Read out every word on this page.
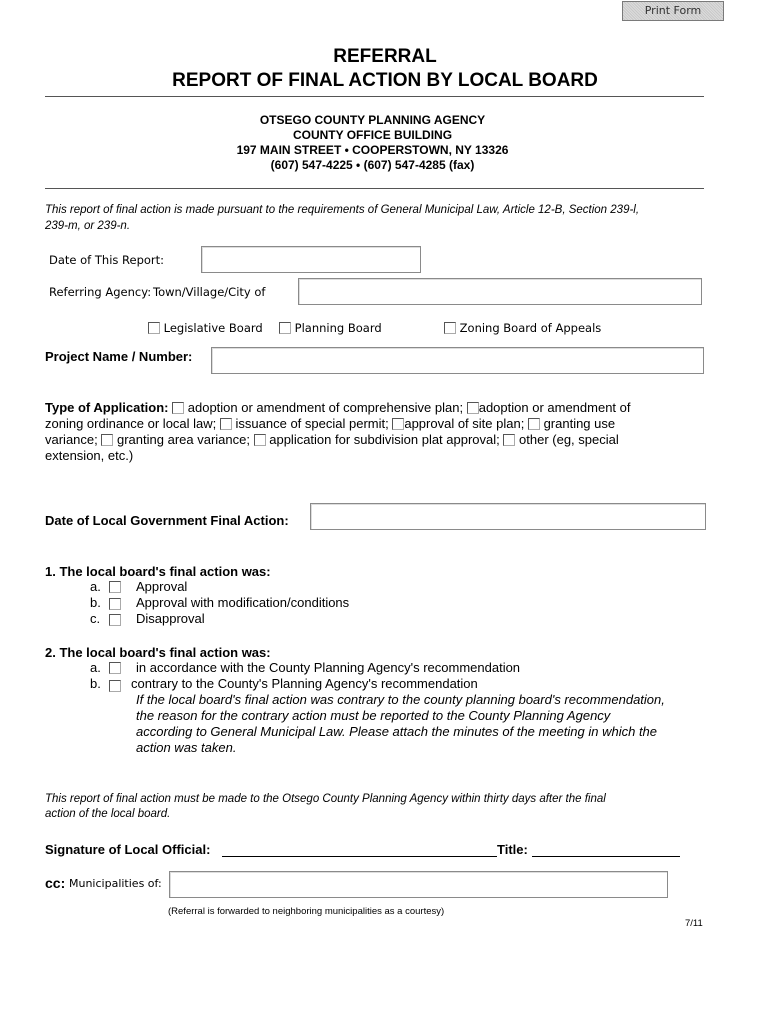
Print Form
REFERRAL
REPORT OF FINAL ACTION BY LOCAL BOARD
OTSEGO COUNTY PLANNING AGENCY
COUNTY OFFICE BUILDING
197 MAIN STREET • COOPERSTOWN, NY 13326
(607) 547-4225 • (607) 547-4285 (fax)
This report of final action is made pursuant to the requirements of General Municipal Law, Article 12-B, Section 239-l,
239-m, or 239-n.
Date of This Report:
Referring Agency: Town/Village/City of
Legislative Board	Planning Board	Zoning Board of Appeals
Project Name / Number:
Type of Application: adoption or amendment of comprehensive plan; adoption or amendment of
zoning ordinance or local law; issuance of special permit; approval of site plan; granting use
variance; granting area variance; application for subdivision plat approval; other (eg, special
extension, etc.)
Date of Local Government Final Action:
1. The local board's final action was:
a.	Approval
b.	Approval with modification/conditions
c.	Disapproval
2. The local board's final action was:
a.	in accordance with the County Planning Agency's recommendation
b. contrary to the County's Planning Agency's recommendation
If the local board's final action was contrary to the county planning board's recommendation,
the reason for the contrary action must be reported to the County Planning Agency
according to General Municipal Law. Please attach the minutes of the meeting in which the
action was taken.
This report of final action must be made to the Otsego County Planning Agency within thirty days after the final
action of the local board.
Signature of Local Official:	Title:
cc: Municipalities of:
(Referral is forwarded to neighboring municipalities as a courtesy)
7/11
